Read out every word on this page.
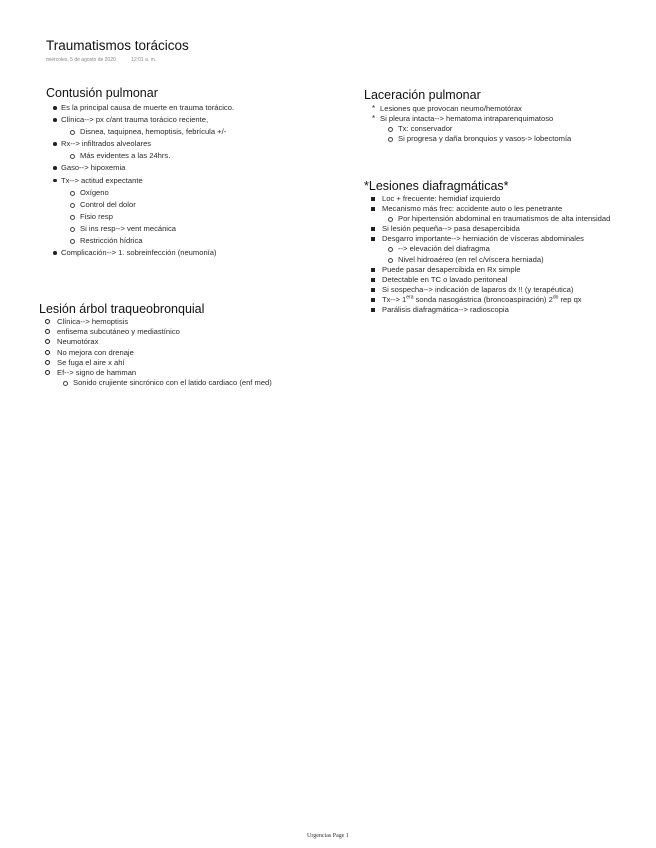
Traumatismos torácicos
miércoles, 5 de agosto de 2020	12:01 a. m.
Contusión pulmonar
Es la principal causa de muerte en trauma torácico.
Clínica--> px c/ant trauma torácico reciente,
Disnea, taquipnea, hemoptisis, febrícula +/-
Rx--> infiltrados alveolares
Más evidentes a las 24hrs.
Gaso--> hipoxemia
Tx--> actitud expectante
Oxígeno
Control del dolor
Fisio resp
Si ins resp--> vent mecánica
Restricción hídrica
Complicación--> 1. sobreinfección (neumonía)
Laceración pulmonar
* Lesiones que provocan neumo/hemotórax
* Si pleura intacta--> hematoma intraparenquimatoso
Tx: conservador
Si progresa y daña bronquios y vasos-> lobectomía
*Lesiones diafragmáticas*
Loc + frecuente: hemidiaf izquierdo
Mecanismo más frec: accidente auto o les penetrante
Por hipertensión abdominal en traumatismos de alta intensidad
Si lesión pequeña--> pasa desapercibida
Desgarro importante--> herniación de vísceras abdominales
--> elevación del diafragma
Nivel hidroaéreo (en rel c/víscera herniada)
Puede pasar desapercibida en Rx simple
Detectable en TC o lavado peritoneal
Si sospecha--> indicación de laparos dx !! (y terapéutica)
$Tx--> 1^{era}$ sonda nasogástrica (broncoaspiración) $2^{do}$ rep qx
Parálisis diafragmática--> radioscopia
Lesión árbol traqueobronquial
Clínica--> hemoptisis
enfisema subcutáneo y mediastínico
Neumotórax
No mejora con drenaje
Se fuga el aire x ahí
Ef--> signo de hamman
Sonido crujiente sincrónico con el latido cardiaco (enf med)
Urgencias Page 1
